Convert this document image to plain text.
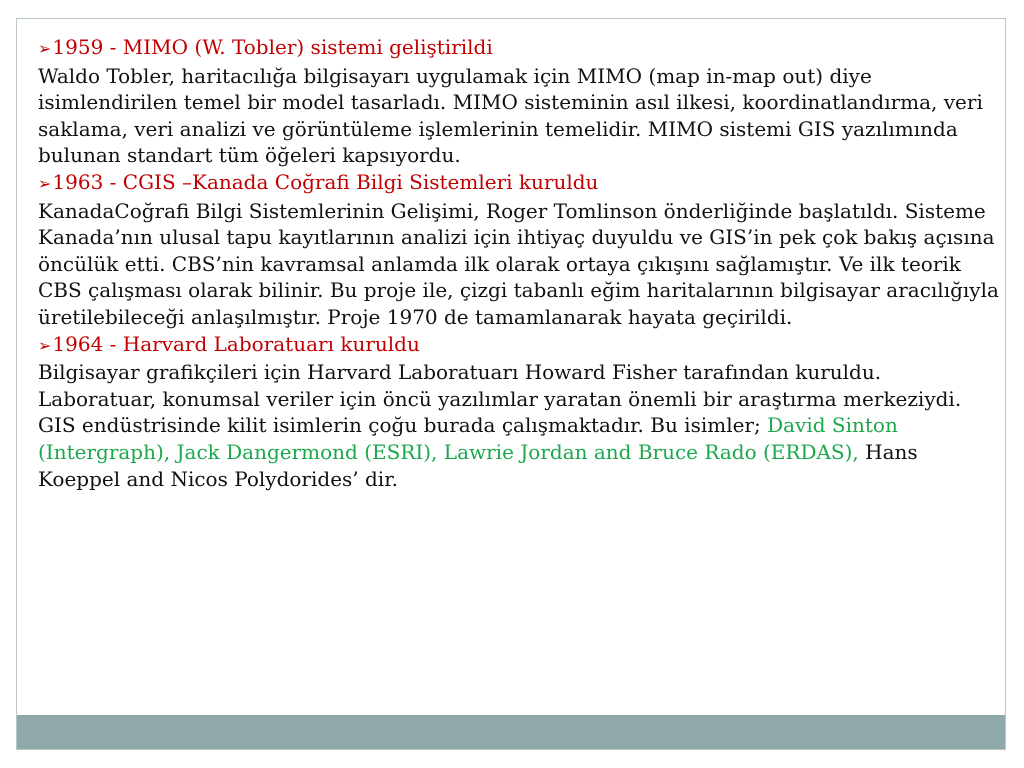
➢1959 - MIMO (W. Tobler) sistemi geliştirildi
Waldo Tobler, haritacılığa bilgisayarı uygulamak için MIMO (map in-map out) diye isimlendirilen temel bir model tasarladı. MIMO sisteminin asıl ilkesi, koordinatlandırma, veri saklama, veri analizi ve görüntüleme işlemlerinin temelidir. MIMO sistemi GIS yazılımında bulunan standart tüm öğeleri kapsıyordu.
➢1963 - CGIS –Kanada Coğrafi Bilgi Sistemleri kuruldu
KanadaCoğrafi Bilgi Sistemlerinin Gelişimi, Roger Tomlinson önderliğinde başlatıldı. Sisteme Kanada’nın ulusal tapu kayıtlarının analizi için ihtiyaç duyuldu ve GIS’in pek çok bakış açısına öncülük etti. CBS’nin kavramsal anlamda ilk olarak ortaya çıkışını sağlamıştır. Ve ilk teorik CBS çalışması olarak bilinir. Bu proje ile, çizgi tabanlı eğim haritalarının bilgisayar aracılığıyla üretilebileceği anlaşılmıştır. Proje 1970 de tamamlanarak hayata geçirildi.
➢1964 - Harvard Laboratuarı kuruldu
Bilgisayar grafikçileri için Harvard Laboratuarı Howard Fisher tarafından kuruldu. Laboratuar, konumsal veriler için öncü yazılımlar yaratan önemli bir araştırma merkeziydi. GIS endüstrisinde kilit isimlerin çoğu burada çalışmaktadır. Bu isimler; David Sinton (Intergraph), Jack Dangermond (ESRI), Lawrie Jordan and Bruce Rado (ERDAS), Hans Koeppel and Nicos Polydorides’ dir.
